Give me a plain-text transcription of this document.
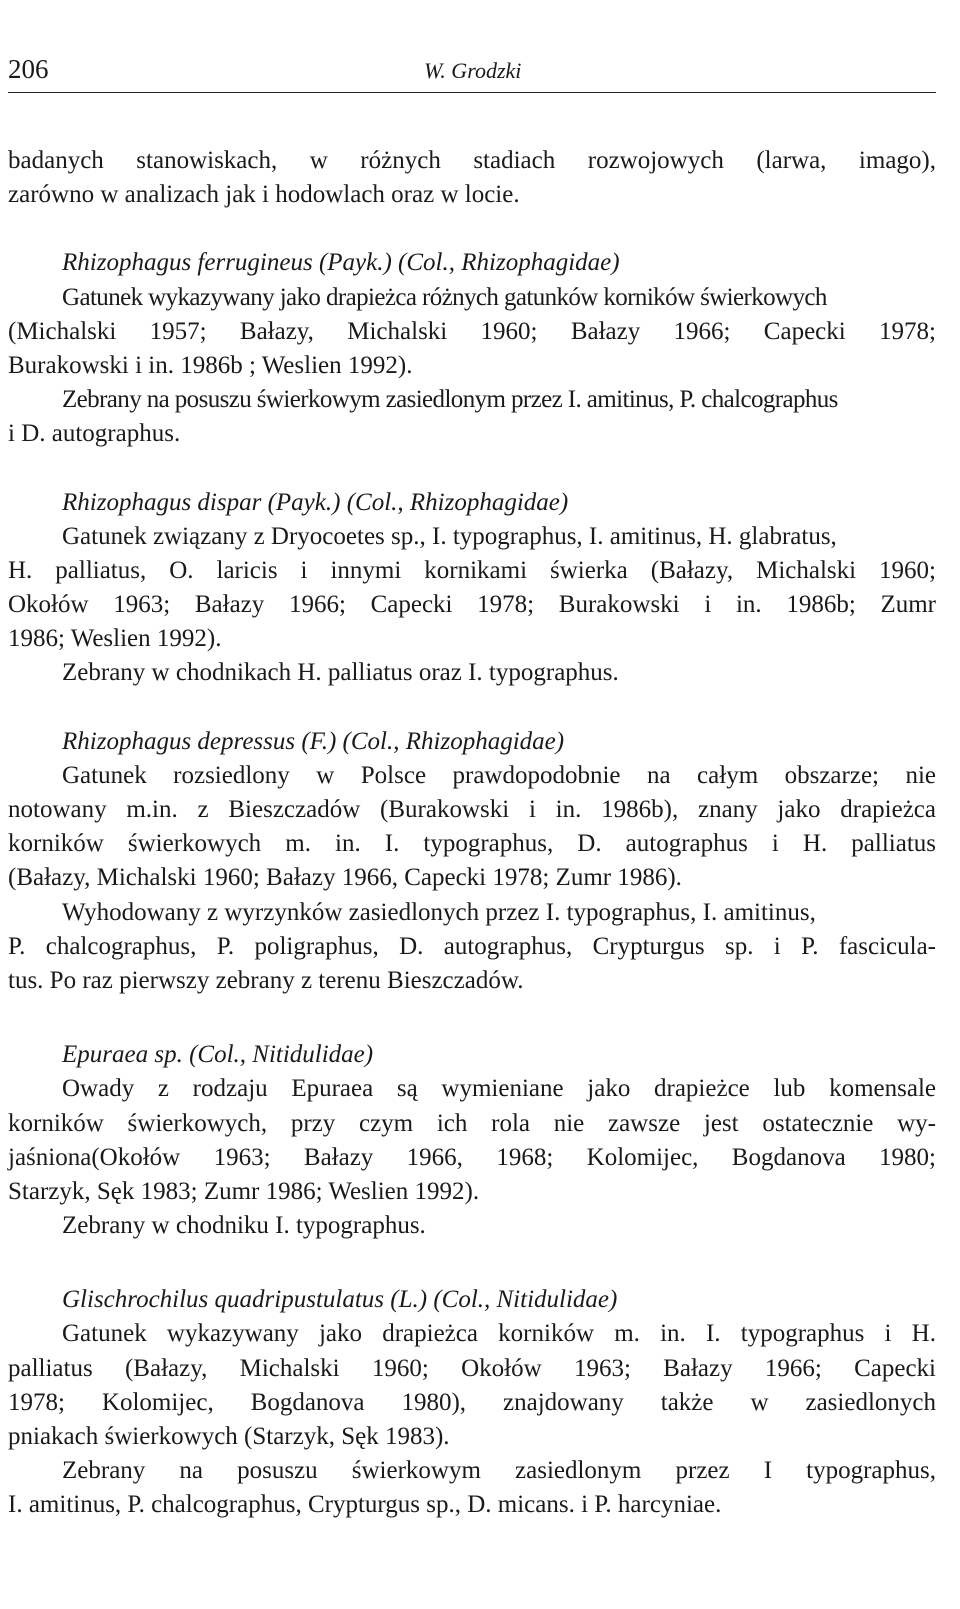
206	W. Grodzki
badanych stanowiskach, w różnych stadiach rozwojowych (larwa, imago),
zarówno w analizach jak i hodowlach oraz w locie.
Rhizophagus ferrugineus (Payk.) (Col., Rhizophagidae)
Gatunek wykazywany jako drapieżca różnych gatunków korników świerkowych
(Michalski 1957; Bałazy, Michalski 1960; Bałazy 1966; Capecki 1978;
Burakowski i in. 1986b ; Weslien 1992).
Zebrany na posuszu świerkowym zasiedlonym przez I. amitinus, P. chalcographus
i D. autographus.
Rhizophagus dispar (Payk.) (Col., Rhizophagidae)
Gatunek związany z Dryocoetes sp., I. typographus, I. amitinus, H. glabratus,
H. palliatus, O. laricis i innymi kornikami świerka (Bałazy, Michalski 1960;
Okołów 1963; Bałazy 1966; Capecki 1978; Burakowski i in. 1986b; Zumr
1986; Weslien 1992).
Zebrany w chodnikach H. palliatus oraz I. typographus.
Rhizophagus depressus (F.) (Col., Rhizophagidae)
Gatunek rozsiedlony w Polsce prawdopodobnie na całym obszarze; nie
notowany m.in. z Bieszczadów (Burakowski i in. 1986b), znany jako drapieżca
korników świerkowych m. in. I. typographus, D. autographus i H. palliatus
(Bałazy, Michalski 1960; Bałazy 1966, Capecki 1978; Zumr 1986).
Wyhodowany z wyrzynków zasiedlonych przez I. typographus, I. amitinus,
P. chalcographus, P. poligraphus, D. autographus, Crypturgus sp. i P. fascicula-
tus. Po raz pierwszy zebrany z terenu Bieszczadów.
Epuraea sp. (Col., Nitidulidae)
Owady z rodzaju Epuraea są wymieniane jako drapieżce lub komensale
korników świerkowych, przy czym ich rola nie zawsze jest ostatecznie wy-
jaśniona(Okołów 1963; Bałazy 1966, 1968; Kolomijec, Bogdanova 1980;
Starzyk, Sęk 1983; Zumr 1986; Weslien 1992).
Zebrany w chodniku I. typographus.
Glischrochilus quadripustulatus (L.) (Col., Nitidulidae)
Gatunek wykazywany jako drapieżca korników m. in. I. typographus i H.
palliatus (Bałazy, Michalski 1960; Okołów 1963; Bałazy 1966; Capecki
1978; Kolomijec, Bogdanova 1980), znajdowany także w zasiedlonych
pniakach świerkowych (Starzyk, Sęk 1983).
Zebrany na posuszu świerkowym zasiedlonym przez I typographus,
I. amitinus, P. chalcographus, Crypturgus sp., D. micans. i P. harcyniae.
